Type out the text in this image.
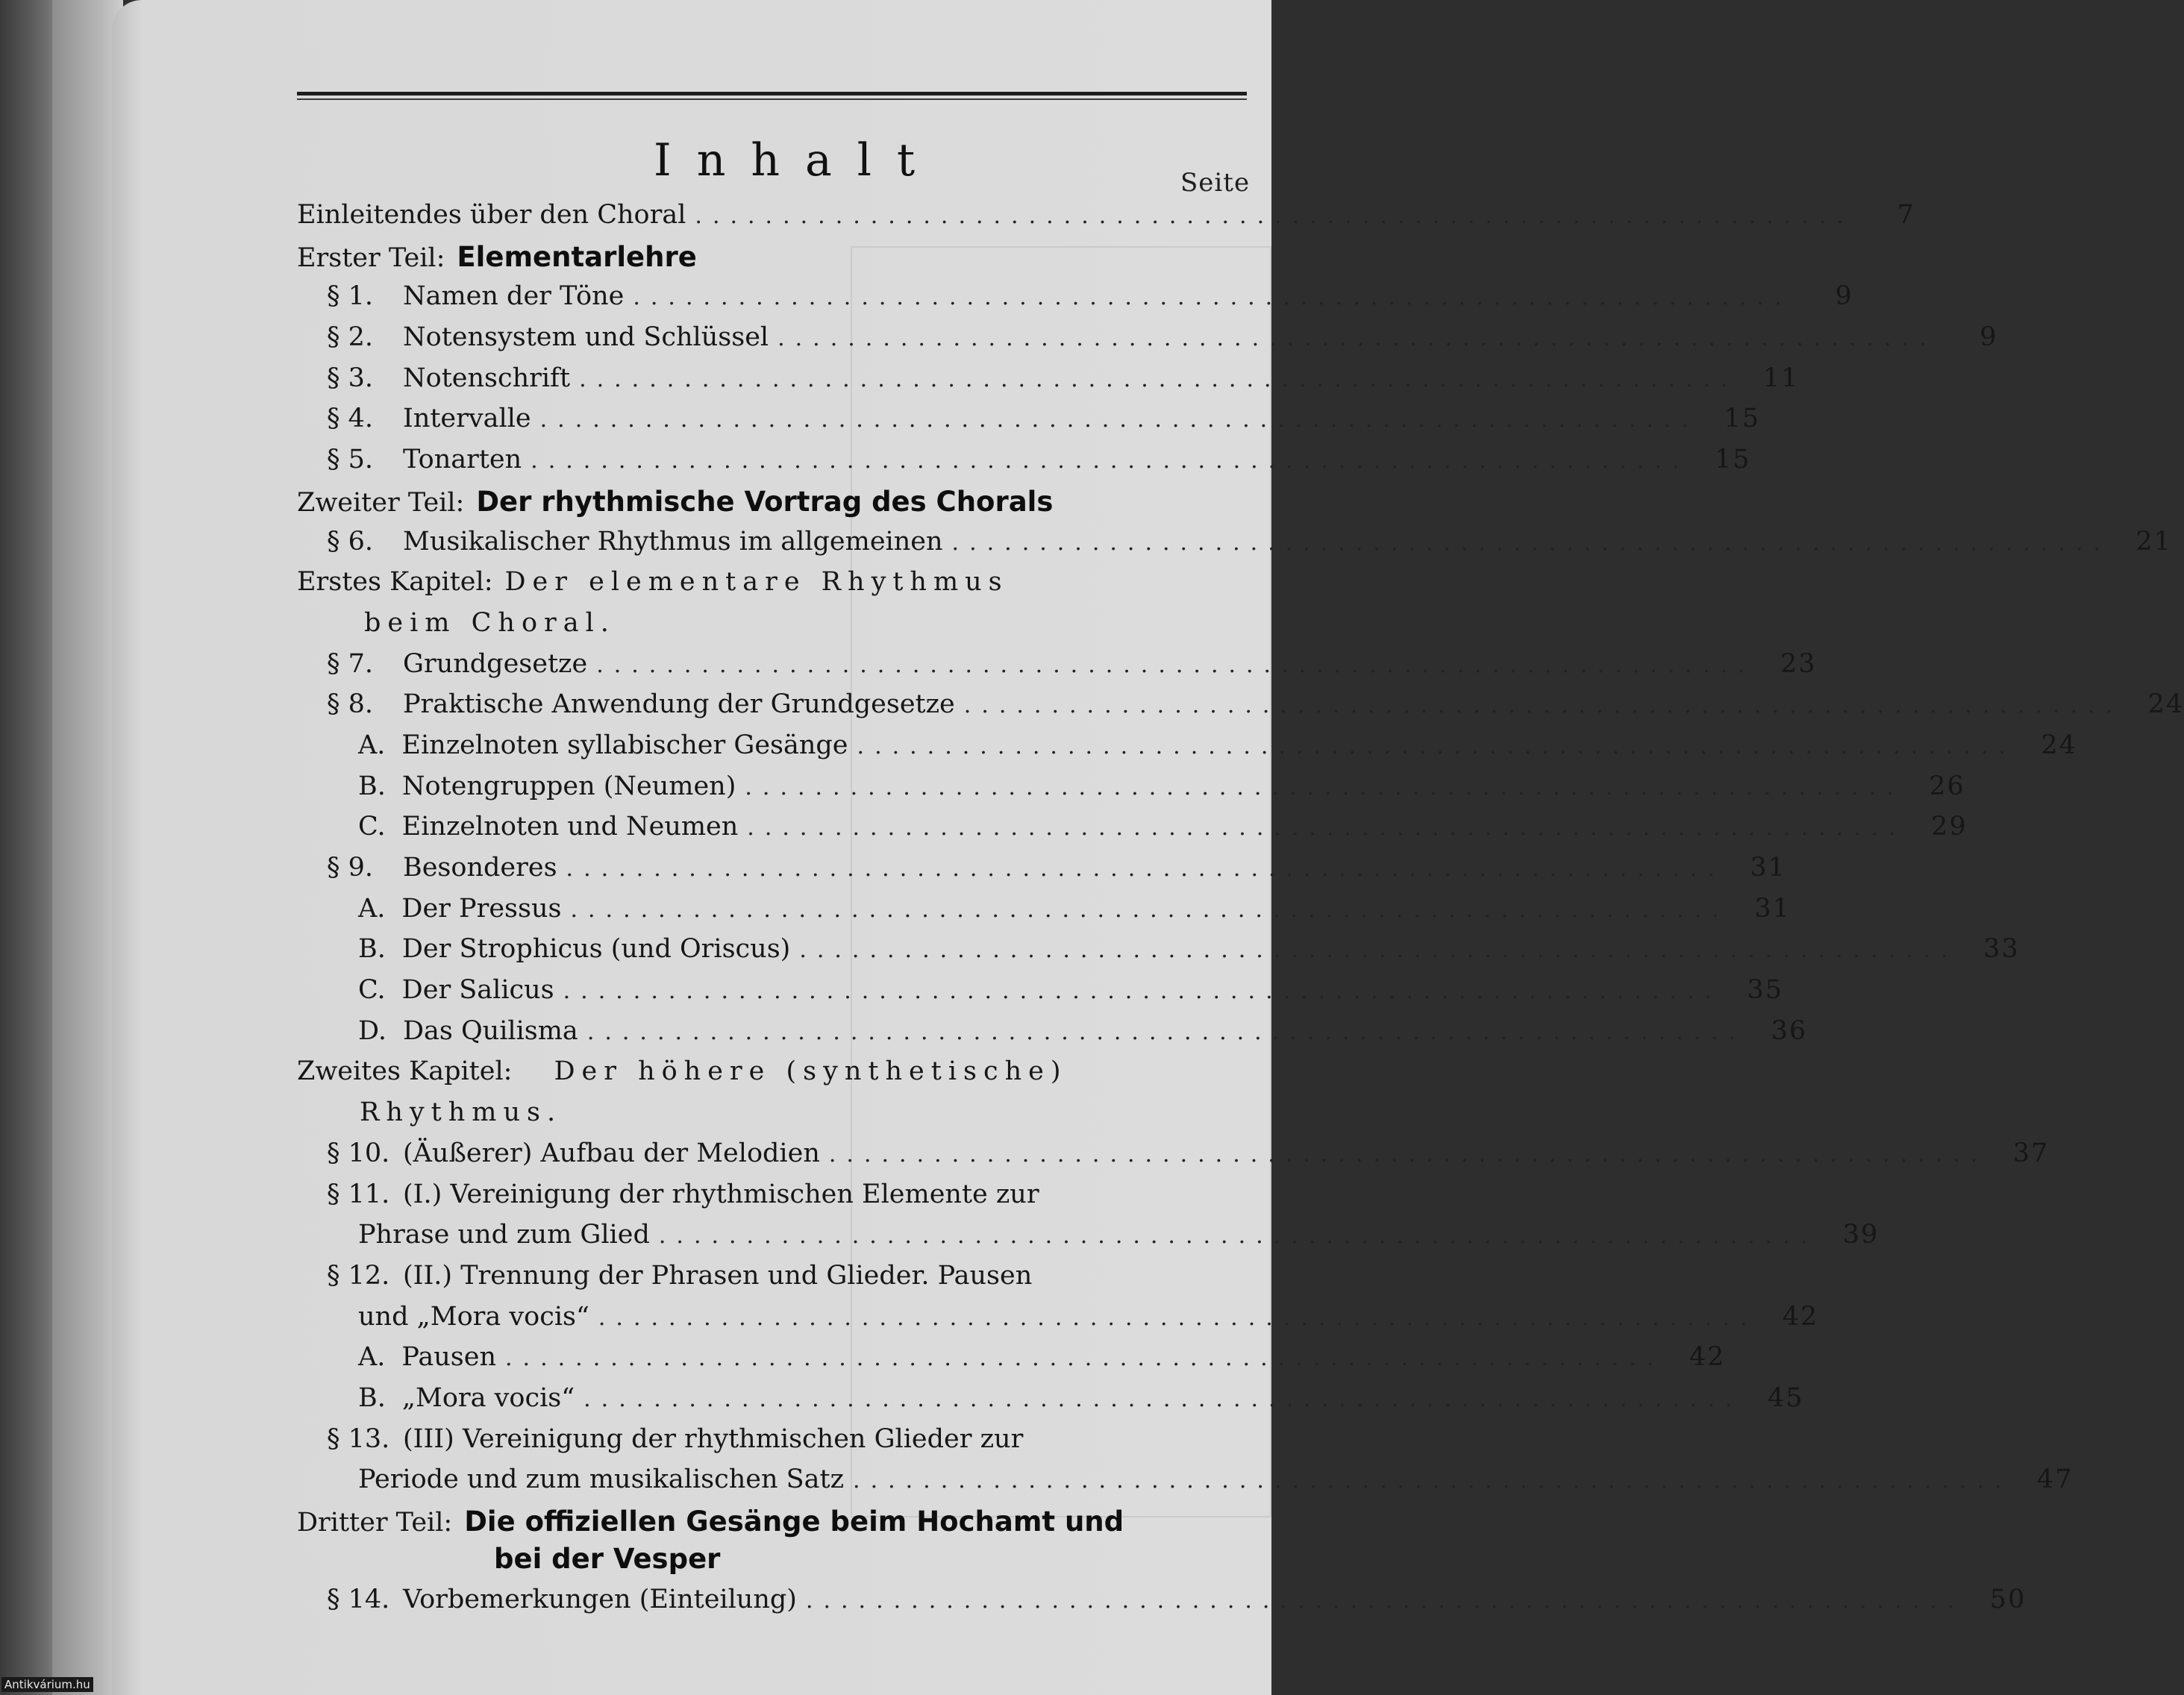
Inhalt	Seite
Einleitendes über den Choral ..................................................................	7
Erster Teil: Elementarlehre
§ 1.	Namen der Töne ..................................................................	9
§ 2.	Notensystem und Schlüssel ..................................................................	9
§ 3.	Notenschrift .................................................................. 11
§ 4.	Intervalle .................................................................. 15
§ 5.	Tonarten .................................................................. 15
Zweiter Teil: Der rhythmische Vortrag des Chorals
§ 6.	Musikalischer Rhythmus im allgemeinen .................................................................. 21
Erstes Kapitel: Der elementare Rhythmus
beim Choral.
§ 7.	Grundgesetze .................................................................. 23
§ 8.	Praktische Anwendung der Grundgesetze .................................................................. 24
A. Einzelnoten syllabischer Gesänge .................................................................. 24
B. Notengruppen (Neumen) .................................................................. 26
C. Einzelnoten und Neumen .................................................................. 29
§ 9.	Besonderes .................................................................. 31
A. Der Pressus .................................................................. 31
B. Der Strophicus (und Oriscus) .................................................................. 33
C. Der Salicus .................................................................. 35
D. Das Quilisma .................................................................. 36
Zweites Kapitel: Der höhere (synthetische)
Rhythmus.
§ 10. (Äußerer) Aufbau der Melodien .................................................................. 37
§ 11. (I.) Vereinigung der rhythmischen Elemente zur
Phrase und zum Glied .................................................................. 39
§ 12. (II.) Trennung der Phrasen und Glieder. Pausen
und „Mora vocis“ .................................................................. 42
A. Pausen .................................................................. 42
B. „Mora vocis“ .................................................................. 45
§ 13. (III) Vereinigung der rhythmischen Glieder zur
Periode und zum musikalischen Satz .................................................................. 47
Dritter Teil: Die offiziellen Gesänge beim Hochamt und
bei der Vesper
§ 14. Vorbemerkungen (Einteilung) .................................................................. 50
Antikvárium.hu
